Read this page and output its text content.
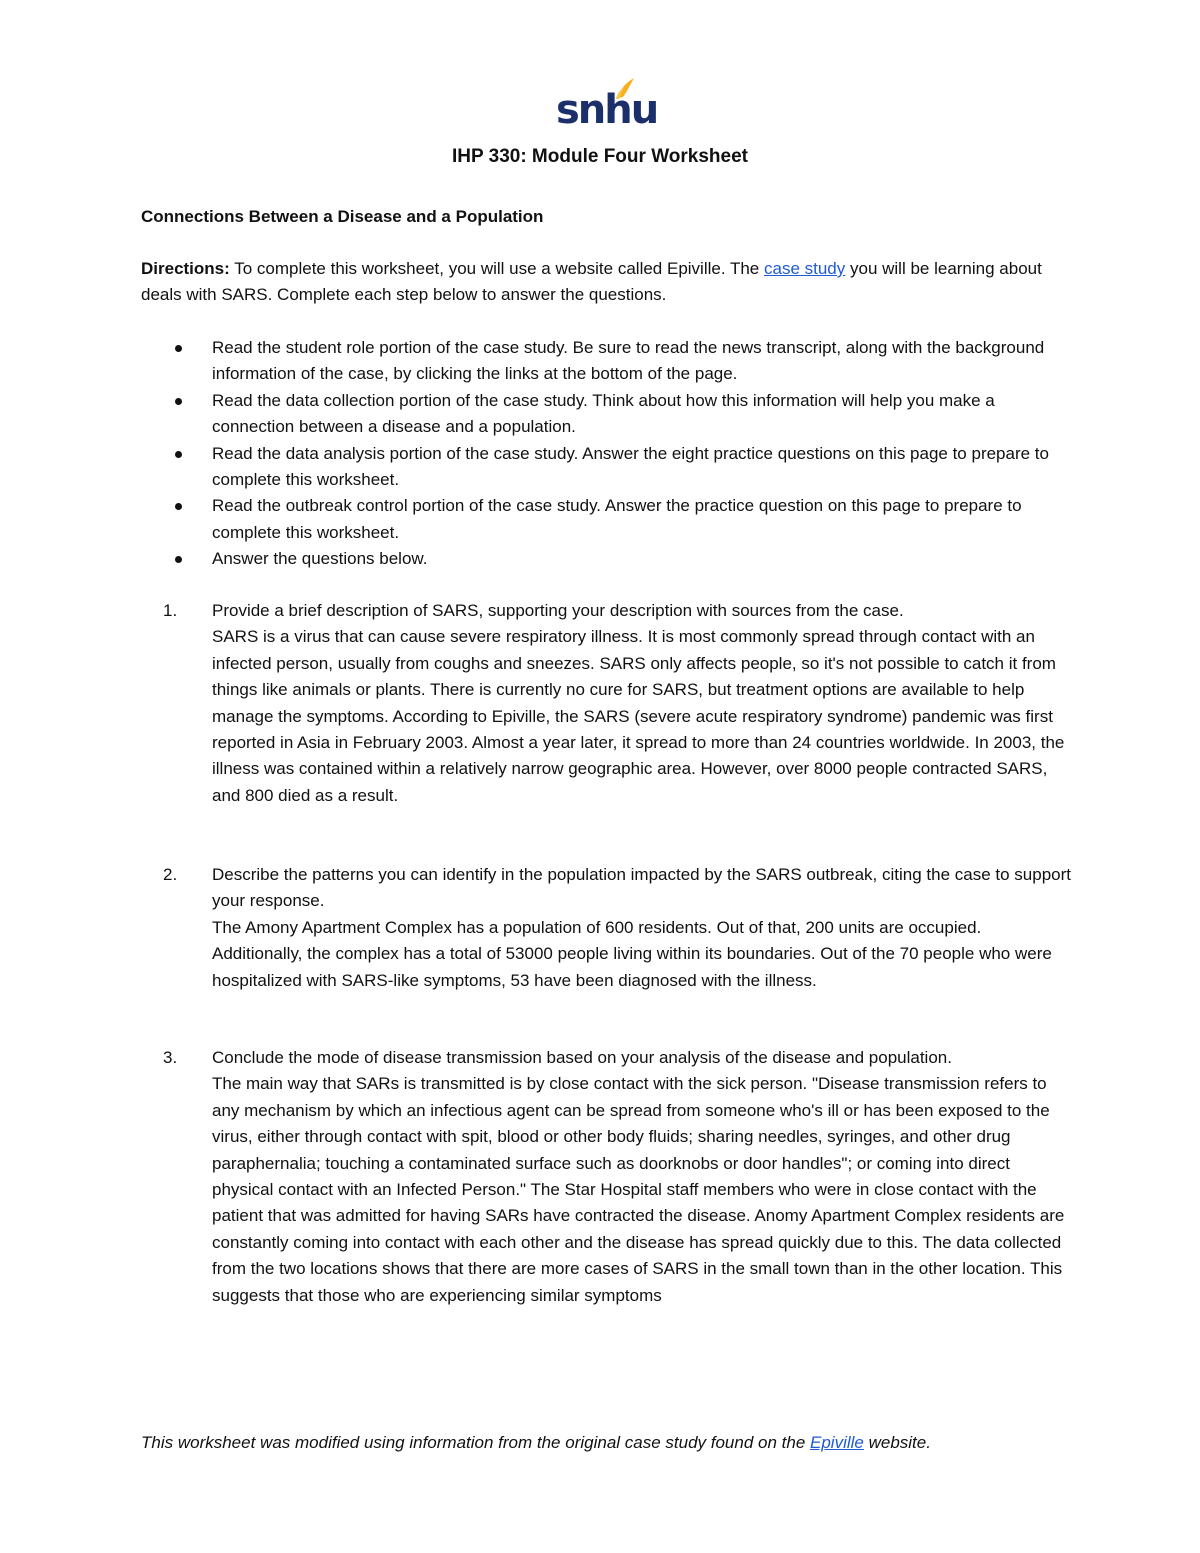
snhu
IHP 330: Module Four Worksheet
Connections Between a Disease and a Population
Directions: To complete this worksheet, you will use a website called Epiville. The case study you will be learning about deals with SARS. Complete each step below to answer the questions.
Read the student role portion of the case study. Be sure to read the news transcript, along with the background information of the case, by clicking the links at the bottom of the page.
Read the data collection portion of the case study. Think about how this information will help you make a connection between a disease and a population.
Read the data analysis portion of the case study. Answer the eight practice questions on this page to prepare to complete this worksheet.
Read the outbreak control portion of the case study. Answer the practice question on this page to prepare to complete this worksheet.
Answer the questions below.
1. Provide a brief description of SARS, supporting your description with sources from the case.
SARS is a virus that can cause severe respiratory illness. It is most commonly spread through contact with an infected person, usually from coughs and sneezes. SARS only affects people, so it's not possible to catch it from things like animals or plants. There is currently no cure for SARS, but treatment options are available to help manage the symptoms. According to Epiville, the SARS (severe acute respiratory syndrome) pandemic was first reported in Asia in February 2003. Almost a year later, it spread to more than 24 countries worldwide. In 2003, the illness was contained within a relatively narrow geographic area. However, over 8000 people contracted SARS, and 800 died as a result.
2. Describe the patterns you can identify in the population impacted by the SARS outbreak, citing the case to support your response.
The Amony Apartment Complex has a population of 600 residents. Out of that, 200 units are occupied. Additionally, the complex has a total of 53000 people living within its boundaries. Out of the 70 people who were hospitalized with SARS-like symptoms, 53 have been diagnosed with the illness.
3. Conclude the mode of disease transmission based on your analysis of the disease and population.
The main way that SARs is transmitted is by close contact with the sick person. "Disease transmission refers to any mechanism by which an infectious agent can be spread from someone who's ill or has been exposed to the virus, either through contact with spit, blood or other body fluids; sharing needles, syringes, and other drug paraphernalia; touching a contaminated surface such as doorknobs or door handles"; or coming into direct physical contact with an Infected Person." The Star Hospital staff members who were in close contact with the patient that was admitted for having SARs have contracted the disease. Anomy Apartment Complex residents are constantly coming into contact with each other and the disease has spread quickly due to this. The data collected from the two locations shows that there are more cases of SARS in the small town than in the other location. This suggests that those who are experiencing similar symptoms
This worksheet was modified using information from the original case study found on the Epiville website.
